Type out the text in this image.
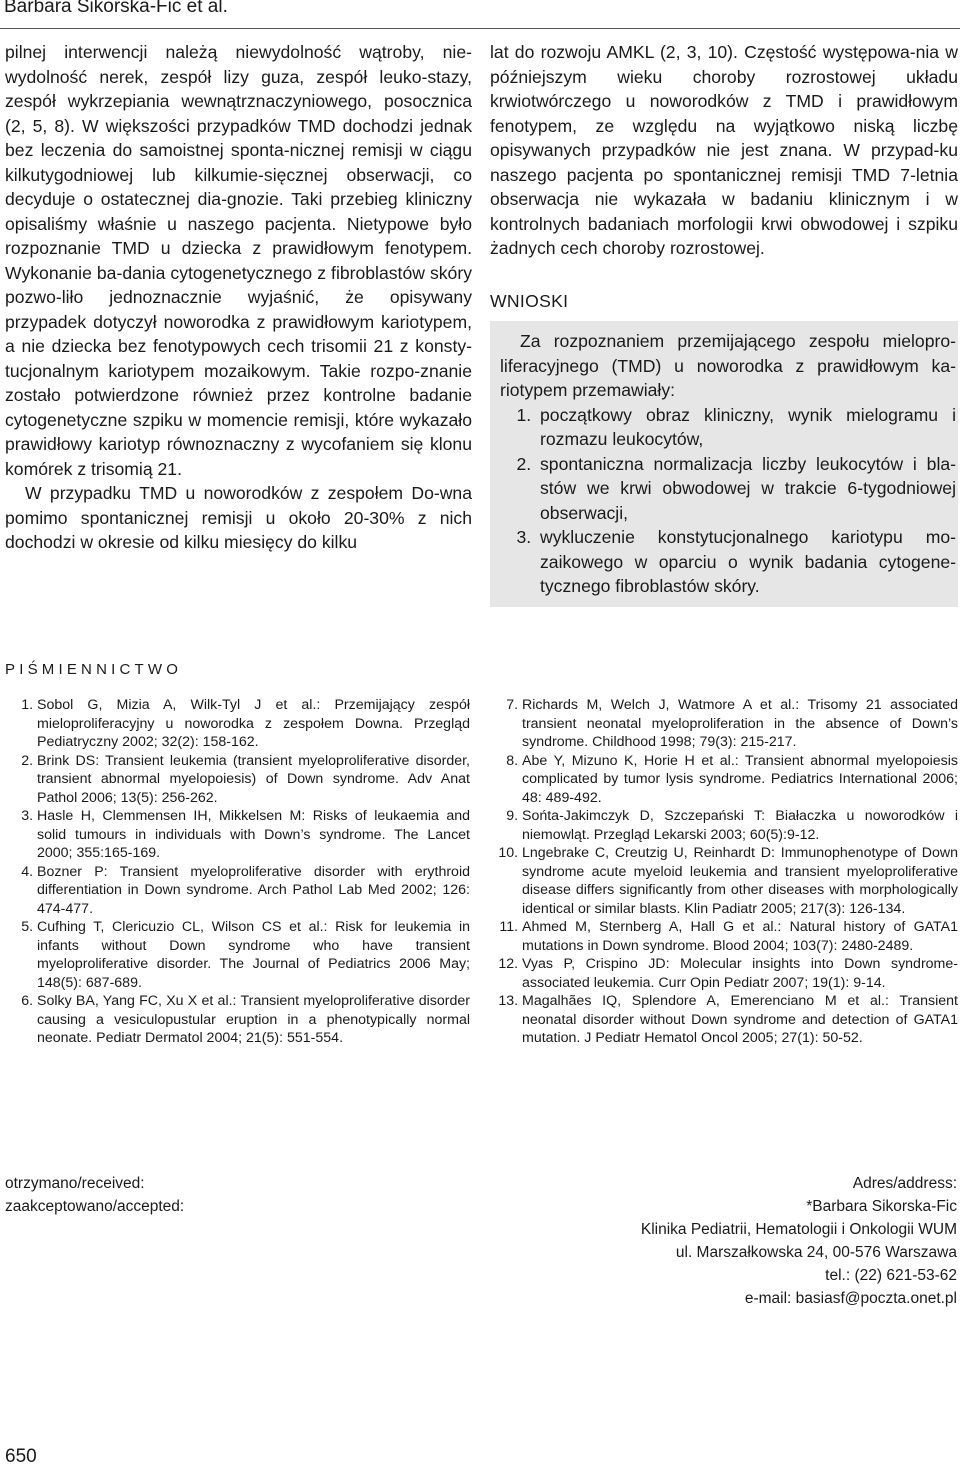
Barbara Sikorska-Fic et al.

pilnej interwencji należą niewydolność wątroby, nie-wydolność nerek, zespół lizy guza, zespół leuko-stazy, zespół wykrzepiania wewnątrznaczyniowego, posocznica (2, 5, 8). W większości przypadków TMD dochodzi jednak bez leczenia do samoistnej sponta-nicznej remisji w ciągu kilkutygodniowej lub kilkumie-sięcznej obserwacji, co decyduje o ostatecznej dia-gnozie. Taki przebieg kliniczny opisaliśmy właśnie u naszego pacjenta. Nietypowe było rozpoznanie TMD u dziecka z prawidłowym fenotypem. Wykonanie ba-dania cytogenetycznego z fibroblastów skóry pozwo-liło jednoznacznie wyjaśnić, że opisywany przypadek dotyczył noworodka z prawidłowym kariotypem, a nie dziecka bez fenotypowych cech trisomii 21 z konsty-tucjonalnym kariotypem mozaikowym. Takie rozpo-znanie zostało potwierdzone również przez kontrolne badanie cytogenetyczne szpiku w momencie remisji, które wykazało prawidłowy kariotyp równoznaczny z wycofaniem się klonu komórek z trisomią 21.

W przypadku TMD u noworodków z zespołem Do-wna pomimo spontanicznej remisji u około 20-30% z nich dochodzi w okresie od kilku miesięcy do kilku

lat do rozwoju AMKL (2, 3, 10). Częstość występowa-nia w późniejszym wieku choroby rozrostowej układu krwiotwórczego u noworodków z TMD i prawidłowym fenotypem, ze względu na wyjątkowo niską liczbę opisywanych przypadków nie jest znana. W przypad-ku naszego pacjenta po spontanicznej remisji TMD 7-letnia obserwacja nie wykazała w badaniu klinicznym i w kontrolnych badaniach morfologii krwi obwodowej i szpiku żadnych cech choroby rozrostowej.

WNIOSKI

Za rozpoznaniem przemijającego zespołu mielopro-liferacyjnego (TMD) u noworodka z prawidłowym ka-riotypem przemawiały:
1. początkowy obraz kliniczny, wynik mielogramu i rozmazu leukocytów,
2. spontaniczna normalizacja liczby leukocytów i bla-stów we krwi obwodowej w trakcie 6-tygodniowej obserwacji,
3. wykluczenie konstytucjonalnego kariotypu mo-zaikowego w oparciu o wynik badania cytogene-tycznego fibroblastów skóry.
PIŚMIENNICTWO
1. Sobol G, Mizia A, Wilk-Tyl J et al.: Przemijający zespół mieloproliferacyjny u noworodka z zespołem Downa. Przegląd Pediatryczny 2002; 32(2): 158-162.
2. Brink DS: Transient leukemia (transient myeloproliferative disorder, transient abnormal myelopoiesis) of Down syndrome. Adv Anat Pathol 2006; 13(5): 256-262.
3. Hasle H, Clemmensen IH, Mikkelsen M: Risks of leukaemia and solid tumours in individuals with Down’s syndrome. The Lancet 2000; 355:165-169.
4. Bozner P: Transient myeloproliferative disorder with erythroid differentiation in Down syndrome. Arch Pathol Lab Med 2002; 126: 474-477.
5. Cufhing T, Clericuzio CL, Wilson CS et al.: Risk for leukemia in infants without Down syndrome who have transient myeloproliferative disorder. The Journal of Pediatrics 2006 May; 148(5): 687-689.
6. Solky BA, Yang FC, Xu X et al.: Transient myeloproliferative disorder causing a vesiculopustular eruption in a phenotypically normal neonate. Pediatr Dermatol 2004; 21(5): 551-554.
7. Richards M, Welch J, Watmore A et al.: Trisomy 21 associated transient neonatal myeloproliferation in the absence of Down’s syndrome. Childhood 1998; 79(3): 215-217.
8. Abe Y, Mizuno K, Horie H et al.: Transient abnormal myelopoiesis complicated by tumor lysis syndrome. Pediatrics International 2006; 48: 489-492.
9. Sońta-Jakimczyk D, Szczepański T: Białaczka u noworodków i niemowląt. Przegląd Lekarski 2003; 60(5):9-12.
10. Lngebrake C, Creutzig U, Reinhardt D: Immunophenotype of Down syndrome acute myeloid leukemia and transient myeloproliferative disease differs significantly from other diseases with morphologically identical or similar blasts. Klin Padiatr 2005; 217(3): 126-134.
11. Ahmed M, Sternberg A, Hall G et al.: Natural history of GATA1 mutations in Down syndrome. Blood 2004; 103(7): 2480-2489.
12. Vyas P, Crispino JD: Molecular insights into Down syndrome-associated leukemia. Curr Opin Pediatr 2007; 19(1): 9-14.
13. Magalhães IQ, Splendore A, Emerenciano M et al.: Transient neonatal disorder without Down syndrome and detection of GATA1 mutation. J Pediatr Hematol Oncol 2005; 27(1): 50-52.
otrzymano/received:
zaakceptowano/accepted:
Adres/address:
*Barbara Sikorska-Fic
Klinika Pediatrii, Hematologii i Onkologii WUM
ul. Marszałkowska 24, 00-576 Warszawa
tel.: (22) 621-53-62
e-mail: basiasf@poczta.onet.pl
650
